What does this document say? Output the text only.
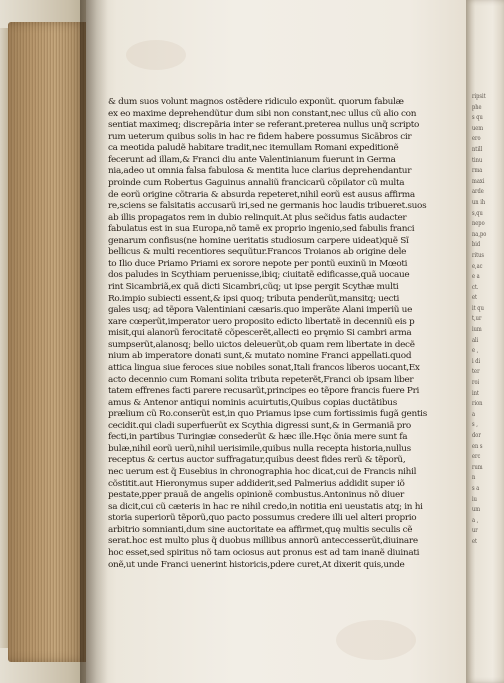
& dum suos volunt magnos ostẽdere ridiculo exponũt. quorum fabulæ
ex eo maxime deprehendũtur dum sibi non constant,nec ullus cũ alio con
sentiat maximeq; discrepãria inter se referant.preterea nullus unq̃ scripto
rum ueterum quibus solis in hac re fidem habere possumus Sicãbros cir
ca meotida paludẽ habitare tradit,nec itemullam Romani expeditionẽ
fecerunt ad illam,& Franci diu ante Valentinianum fuerunt in Germa
nia,adeo ut omnia falsa fabulosa & mentita luce clarius deprehendantur
proinde cum Robertus Gaguinus annaliũ francicarũ cõpilator cũ multa
de eorũ origine cõtraria & absurda repeteret,nihil eorũ est ausus affirma
re,sciens se falsitatis accusarũ iri,sed ne germanis hoc laudis tribueret.suos
ab illis propagatos rem in dubio relinquit.At plus sec̃idus fatis audacter
fabulatus est in sua Europa,nõ tamẽ ex proprio ingenio,sed fabulis franci
genarum confisus(ne homine ueritatis studiosum carpere uideat)quẽ Sĩ
bellicus & multi recentiores sequũtur.Francos Troianos ab origine dele
to Ilio duce Priamo Priami ex sorore nepote per pontũ euxinũ in Mœoti
dos paludes in Scythiam peruenisse,ibiq; ciuitatẽ edificasse,quã uocaue
rint Sicambriã,ex quã dicti Sicambri,cũq; ut ipse pergit Scythæ multi
Ro.impio subiecti essent,& ipsi quoq; tributa penderũt,mansitq; uecti
gales usq; ad tẽpora Valentiniani cæsaris.quo imperãte Alani imperiũ ue
xare cœperũt,imperator uero proposito edicto libertatẽ in decenniũ eis p
misit,qui alanorũ ferocitatẽ cõpescerẽt,allecti eo pręmio Si cambri arma
sumpserũt,alanosq; bello uictos deleuerũt,ob quam rem libertate in decẽ
nium ab imperatore donati sunt,& mutato nomine Franci appellati.quod
attica lingua siue feroces siue nobiles sonat,Itali francos liberos uocant,Ex
acto decennio cum Romani solita tributa repeterẽt,Franci ob ipsam liber
tatem effrenes facti parere recusarũt,principes eo tẽpore francis fuere Pri
amus & Antenor antiqui nominis acuirtutis,Quibus copias ductãtibus
prælium cũ Ro.conserũt est,in quo Priamus ipse cum fortissimis fugã gentis
cecidit.qui cladi superfuerũt ex Scythia digressi sunt,& in Germaniã pro
fecti,in partibus Turingiæ consederũt & hæc ille.Hęc õnia mere sunt fa
bulæ,nihil eorũ uerũ,nihil uerisimile,quibus nulla recepta historia,nullus
receptus & certus auctor suffragatur,quibus deest fides rerũ & tẽporũ,
nec uerum est q̃ Eusebius in chronographia hoc dicat,cui de Francis nihil
cõstitit.aut Hieronymus super addiderit,sed Palmerius addidit super iõ
pestate,pper prauã de angelis opinionẽ combustus.Antoninus nõ diuer
sa dicit,cui cũ cæteris in hac re nihil credo,in notitia eni ueustatis atq; in hi
storia superiorũ tẽporũ,quo pacto possumus credere illi uel alteri proprio
arbitrio somnianti,dum sine auctoritate ea affirmet,quę multis seculis cẽ
serat.hoc est multo plus q̃ duobus millibus annorũ anteccesserũt,diuinare
hoc esset,sed spiritus nõ tam ociosus aut pronus est ad tam inanẽ diuinati
onẽ,ut unde Franci uenerint historicis,pdere curet,At dixerit quis,unde
ripsit
phe
s qu
uem
ero
ntill
tinu
rma
maxi
arde
un ih
s,qu
nepo
na,po
bid
ritus
e,ac
e a
ct.
et
it qu
t,ur
ium
ali
e ,
i di
ter
roi
int
rion
a
s ,
dor
en s
erc
rum
n
s a
iu
um
a ,
ur
et
